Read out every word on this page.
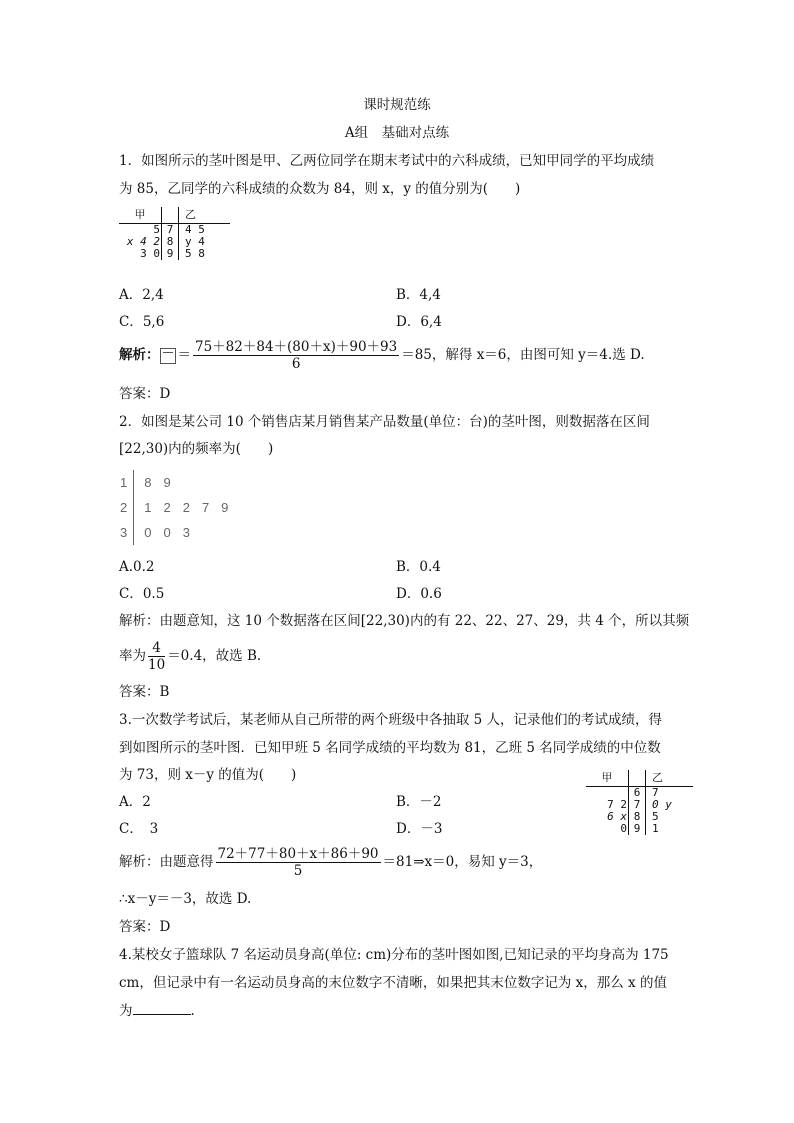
课时规范练
A组　基础对点练
1．如图所示的茎叶图是甲、乙两位同学在期末考试中的六科成绩，已知甲同学的平均成绩
为 85，乙同学的六科成绩的众数为 84，则 x，y 的值分别为(　　)
甲		乙
5	7	4 5
x 4 2	8	y 4
3 0	9	5 8
A．2,4	B．4,4
C．5,6	D．6,4
解析： ＝ $\frac{75+82+84+(80+x)+90+93}{6} =85$，解得 x＝6，由图可知 y＝4.选 D.
答案：D
2．如图是某公司 10 个销售店某月销售某产品数量(单位：台)的茎叶图，则数据落在区间
[22,30)内的频率为(　　)
1	8	9			
2	1	2	2	7	9
3	0	0	3		
A.0.2	B．0.4
C．0.5	D．0.6
解析：由题意知，这 10 个数据落在区间[22,30)内的有 22、22、27、29，共 4 个，所以其频
率为 $\frac{4}{10} =0.4$，故选 B.
答案：B
3.一次数学考试后，某老师从自己所带的两个班级中各抽取 5 人，记录他们的考试成绩，得
到如图所示的茎叶图．已知甲班 5 名同学成绩的平均数为 81，乙班 5 名同学成绩的中位数
为 73，则 x－y 的值为(　　)	甲		乙
	6	7
7 2	7	0 y
6 x	8	5
0	9	1
A．2	B．－2
C．　3	D．－3
解析：由题意得 $\frac{72+77+80+x+86+90}{5}$ ＝81⇒x＝0，易知 y＝3，
∴x－y＝－3，故选 D.
答案：D
4.某校女子篮球队 7 名运动员身高(单位: cm)分布的茎叶图如图,已知记录的平均身高为 175
cm，但记录中有一名运动员身高的末位数字不清晰，如果把其末位数字记为 x，那么 x 的值
为	.
